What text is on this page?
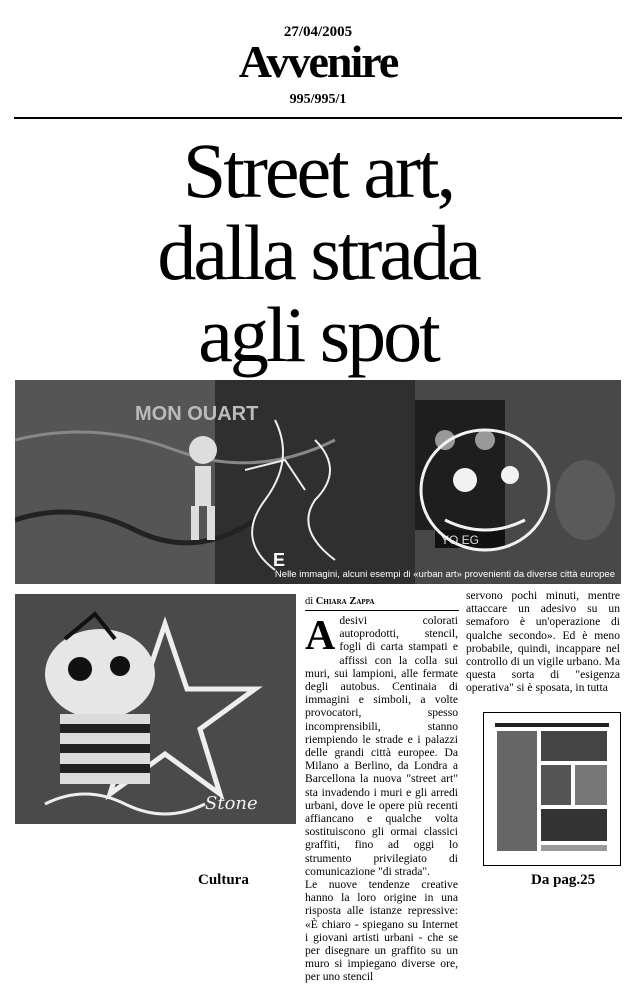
27/04/2005
Avvenire
995/995/1
Street art,
dalla strada
agli spot
MON OUART
YO EG
E
Nelle immagini, alcuni esempi di «urban art» provenienti da diverse città europee
Stone
di Chiara Zappa
A desivi colorati autoprodotti, stencil, fogli di carta stampati e affissi con la colla sui muri, sui lampioni, alle fermate degli autobus. Centinaia di immagini e simboli, a volte provocatori, spesso incomprensibili, stanno riempiendo le strade e i palazzi delle grandi città europee. Da Milano a Berlino, da Londra a Barcellona la nuova "street art" sta invadendo i muri e gli arredi urbani, dove le opere più recenti affiancano e qualche volta sostituiscono gli ormai classici graffiti, fino ad oggi lo strumento privilegiato di comunicazione "di strada".
Le nuove tendenze creative hanno la loro origine in una risposta alle istanze repressive: «È chiaro - spiegano su Internet i giovani artisti urbani - che se per disegnare un graffito su un muro si impiegano diverse ore, per uno stencil
servono pochi minuti, mentre attaccare un adesivo su un semaforo è un'operazione di qualche secondo». Ed è meno probabile, quindi, incappare nel controllo di un vigile urbano. Ma questa sorta di "esigenza operativa" si è sposata, in tutta
Cultura	Da pag.25
